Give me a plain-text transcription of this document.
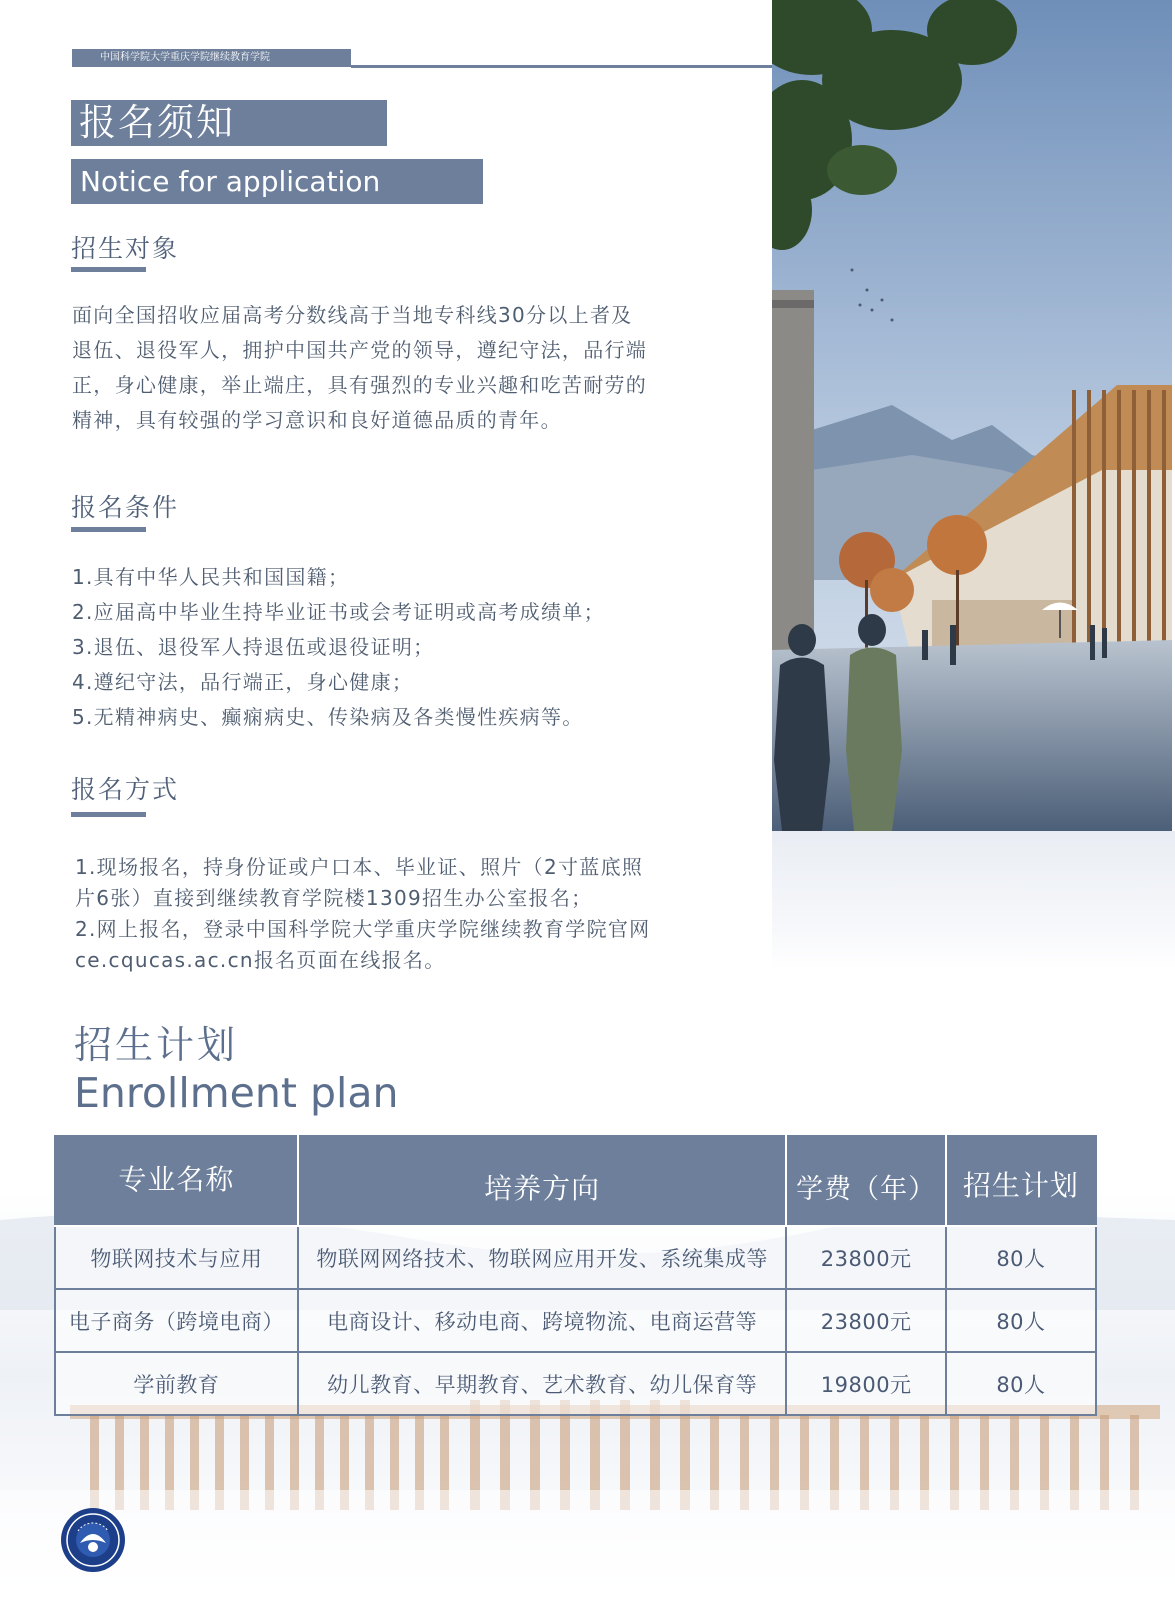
中国科学院大学重庆学院继续教育学院
报名须知
Notice for application
招生对象

面向全国招收应届高考分数线高于当地专科线30分以上者及

退伍、退役军人，拥护中国共产党的领导，遵纪守法，品行端

正，身心健康，举止端庄，具有强烈的专业兴趣和吃苦耐劳的

精神，具有较强的学习意识和良好道德品质的青年。

报名条件

1.具有中华人民共和国国籍；

2.应届高中毕业生持毕业证书或会考证明或高考成绩单；

3.退伍、退役军人持退伍或退役证明；

4.遵纪守法，品行端正，身心健康；

5.无精神病史、癫痫病史、传染病及各类慢性疾病等。

报名方式

1.现场报名，持身份证或户口本、毕业证、照片（2寸蓝底照

片6张）直接到继续教育学院楼1309招生办公室报名；

2.网上报名，登录中国科学院大学重庆学院继续教育学院官网

ce.cqucas.ac.cn报名页面在线报名。

招生计划
Enrollment plan
专业名称	培养方向	学费（年）	招生计划
物联网技术与应用	物联网网络技术、物联网应用开发、系统集成等	23800元	80人
电子商务（跨境电商）	电商设计、移动电商、跨境物流、电商运营等	23800元	80人
学前教育	幼儿教育、早期教育、艺术教育、幼儿保育等	19800元	80人
